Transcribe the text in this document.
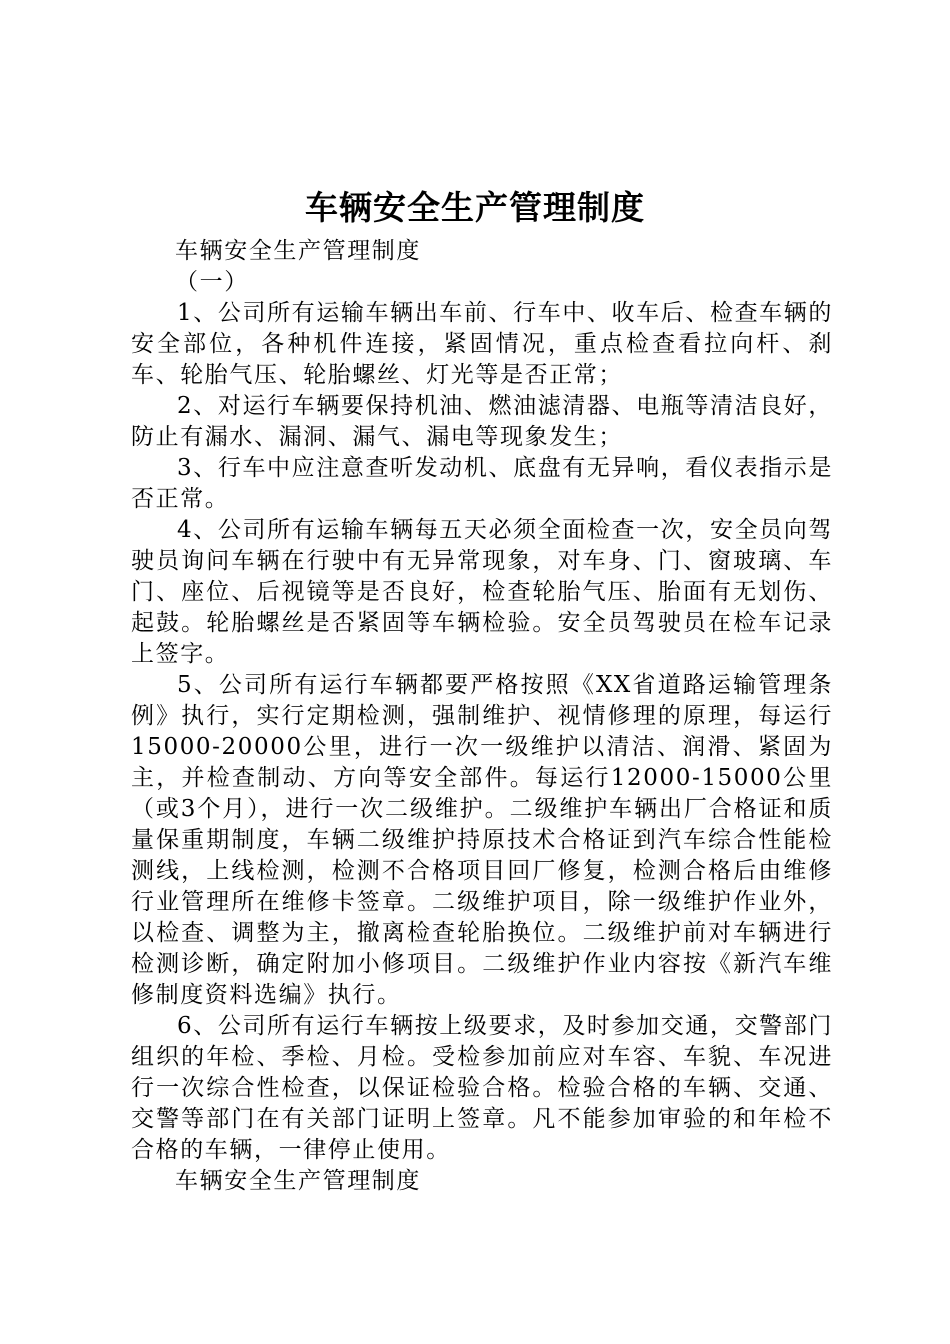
车辆安全生产管理制度

车辆安全生产管理制度

（一）

1、公司所有运输车辆出车前、行车中、收车后、检查车辆的安全部位，各种机件连接，紧固情况，重点检查看拉向杆、刹车、轮胎气压、轮胎螺丝、灯光等是否正常；

2、对运行车辆要保持机油、燃油滤清器、电瓶等清洁良好，防止有漏水、漏洞、漏气、漏电等现象发生；

3、行车中应注意查听发动机、底盘有无异响，看仪表指示是否正常。

4、公司所有运输车辆每五天必须全面检查一次，安全员向驾驶员询问车辆在行驶中有无异常现象，对车身、门、窗玻璃、车门、座位、后视镜等是否良好，检查轮胎气压、胎面有无划伤、起鼓。轮胎螺丝是否紧固等车辆检验。安全员驾驶员在检车记录上签字。

5、公司所有运行车辆都要严格按照《XX省道路运输管理条例》执行，实行定期检测，强制维护、视情修理的原理，每运行15000-20000公里，进行一次一级维护以清洁、润滑、紧固为主，并检查制动、方向等安全部件。每运行12000-15000公里（或3个月），进行一次二级维护。二级维护车辆出厂合格证和质量保重期制度，车辆二级维护持原技术合格证到汽车综合性能检测线，上线检测，检测不合格项目回厂修复，检测合格后由维修行业管理所在维修卡签章。二级维护项目，除一级维护作业外，以检查、调整为主，撤离检查轮胎换位。二级维护前对车辆进行检测诊断，确定附加小修项目。二级维护作业内容按《新汽车维修制度资料选编》执行。

6、公司所有运行车辆按上级要求，及时参加交通，交警部门组织的年检、季检、月检。受检参加前应对车容、车貌、车况进行一次综合性检查，以保证检验合格。检验合格的车辆、交通、交警等部门在有关部门证明上签章。凡不能参加审验的和年检不合格的车辆，一律停止使用。

车辆安全生产管理制度
